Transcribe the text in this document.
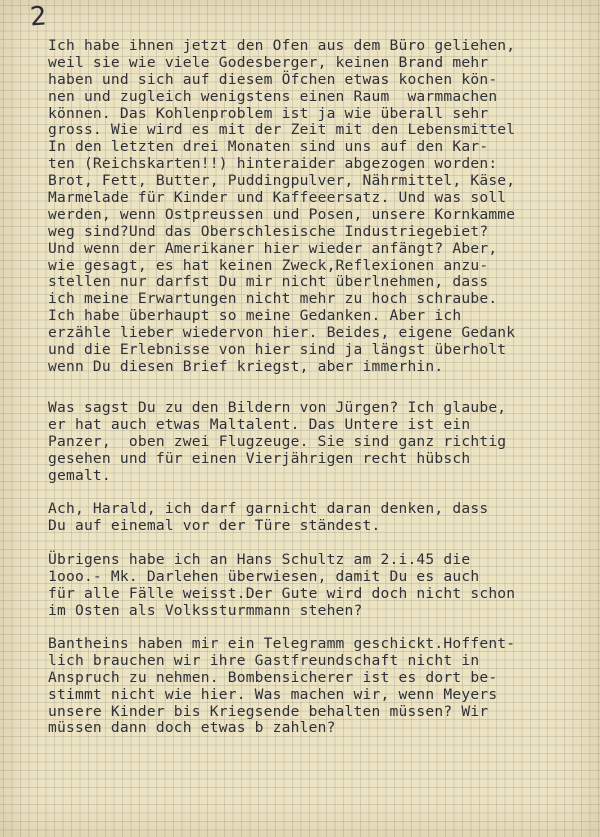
2
Ich habe ihnen jetzt den Ofen aus dem Büro geliehen,
weil sie wie viele Godesberger, keinen Brand mehr
haben und sich auf diesem Öfchen etwas kochen kön-
nen und zugleich wenigstens einen Raum  warmmachen
können. Das Kohlenproblem ist ja wie überall sehr
gross. Wie wird es mit der Zeit mit den Lebensmittel
In den letzten drei Monaten sind uns auf den Kar-
ten (Reichskarten!!) hinteraider abgezogen worden:
Brot, Fett, Butter, Puddingpulver, Nährmittel, Käse,
Marmelade für Kinder und Kaffeeersatz. Und was soll
werden, wenn Ostpreussen und Posen, unsere Kornkamme
weg sind?Und das Oberschlesische Industriegebiet?
Und wenn der Amerikaner hier wieder anfängt? Aber,
wie gesagt, es hat keinen Zweck,Reflexionen anzu-
stellen nur darfst Du mir nicht überlnehmen, dass
ich meine Erwartungen nicht mehr zu hoch schraube.
Ich habe überhaupt so meine Gedanken. Aber ich
erzähle lieber wiedervon hier. Beides, eigene Gedank
und die Erlebnisse von hier sind ja längst überholt
wenn Du diesen Brief kriegst, aber immerhin.
Was sagst Du zu den Bildern von Jürgen? Ich glaube,
er hat auch etwas Maltalent. Das Untere ist ein
Panzer,  oben zwei Flugzeuge. Sie sind ganz richtig
gesehen und für einen Vierjährigen recht hübsch
gemalt.
Ach, Harald, ich darf garnicht daran denken, dass
Du auf einemal vor der Türe ständest.
Übrigens habe ich an Hans Schultz am 2.i.45 die
1ooo.- Mk. Darlehen überwiesen, damit Du es auch
für alle Fälle weisst.Der Gute wird doch nicht schon
im Osten als Volkssturmmann stehen?
Bantheins haben mir ein Telegramm geschickt.Hoffent-
lich brauchen wir ihre Gastfreundschaft nicht in
Anspruch zu nehmen. Bombensicherer ist es dort be-
stimmt nicht wie hier. Was machen wir, wenn Meyers
unsere Kinder bis Kriegsende behalten müssen? Wir
müssen dann doch etwas b zahlen?
